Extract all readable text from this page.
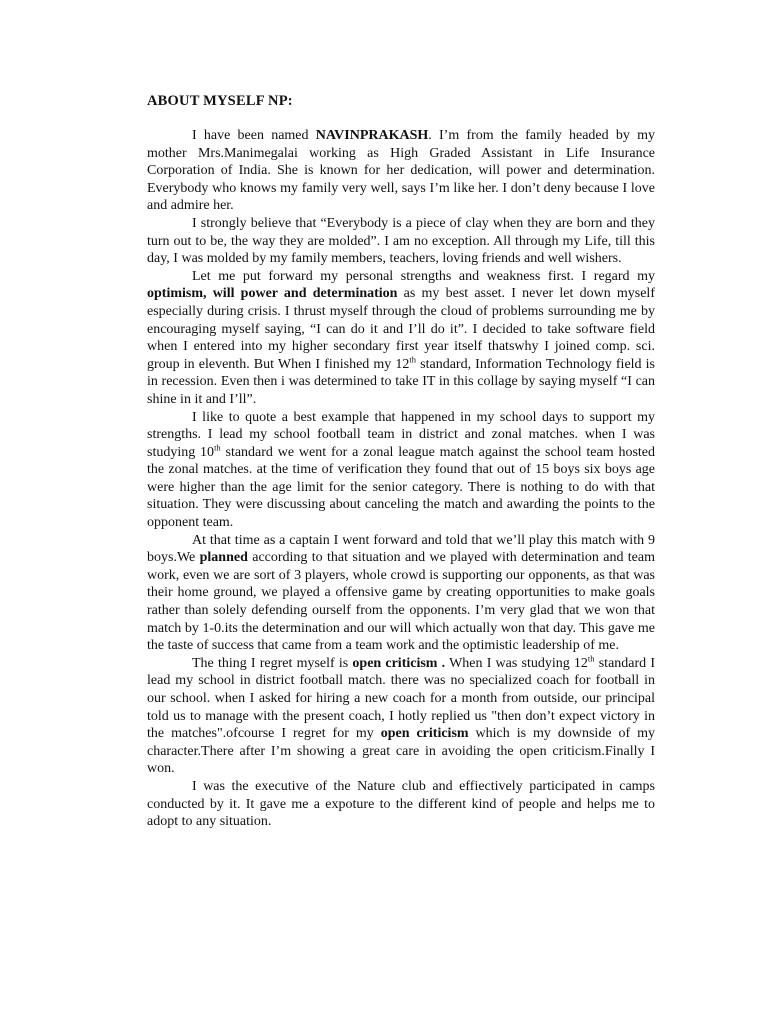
ABOUT MYSELF NP:

I have been named NAVINPRAKASH. I’m from the family headed by my mother Mrs.Manimegalai working as High Graded Assistant in Life Insurance Corporation of India. She is known for her dedication, will power and determination. Everybody who knows my family very well, says I’m like her. I don’t deny because I love and admire her.

I strongly believe that “Everybody is a piece of clay when they are born and they turn out to be, the way they are molded”. I am no exception. All through my Life, till this day, I was molded by my family members, teachers, loving friends and well wishers.

Let me put forward my personal strengths and weakness first. I regard my optimism, will power and determination as my best asset. I never let down myself especially during crisis. I thrust myself through the cloud of problems surrounding me by encouraging myself saying, “I can do it and I’ll do it”. I decided to take software field when I entered into my higher secondary first year itself thatswhy I joined comp. sci. group in eleventh. But When I finished my 12th standard, Information Technology field is in recession. Even then i was determined to take IT in this collage by saying myself “I can shine in it and I’ll”.

I like to quote a best example that happened in my school days to support my strengths. I lead my school football team in district and zonal matches. when I was studying 10th standard we went for a zonal league match against the school team hosted the zonal matches. at the time of verification they found that out of 15 boys six boys age were higher than the age limit for the senior category. There is nothing to do with that situation. They were discussing about canceling the match and awarding the points to the opponent team.

At that time as a captain I went forward and told that we’ll play this match with 9 boys.We planned according to that situation and we played with determination and team work, even we are sort of 3 players, whole crowd is supporting our opponents, as that was their home ground, we played a offensive game by creating opportunities to make goals rather than solely defending ourself from the opponents. I’m very glad that we won that match by 1-0.its the determination and our will which actually won that day. This gave me the taste of success that came from a team work and the optimistic leadership of me.

The thing I regret myself is open criticism . When I was studying 12th standard I lead my school in district football match. there was no specialized coach for football in our school. when I asked for hiring a new coach for a month from outside, our principal told us to manage with the present coach, I hotly replied us "then don’t expect victory in the matches".ofcourse I regret for my open criticism which is my downside of my character.There after I’m showing a great care in avoiding the open criticism.Finally I won.

I was the executive of the Nature club and effiectively participated in camps conducted by it. It gave me a expoture to the different kind of people and helps me to adopt to any situation.
